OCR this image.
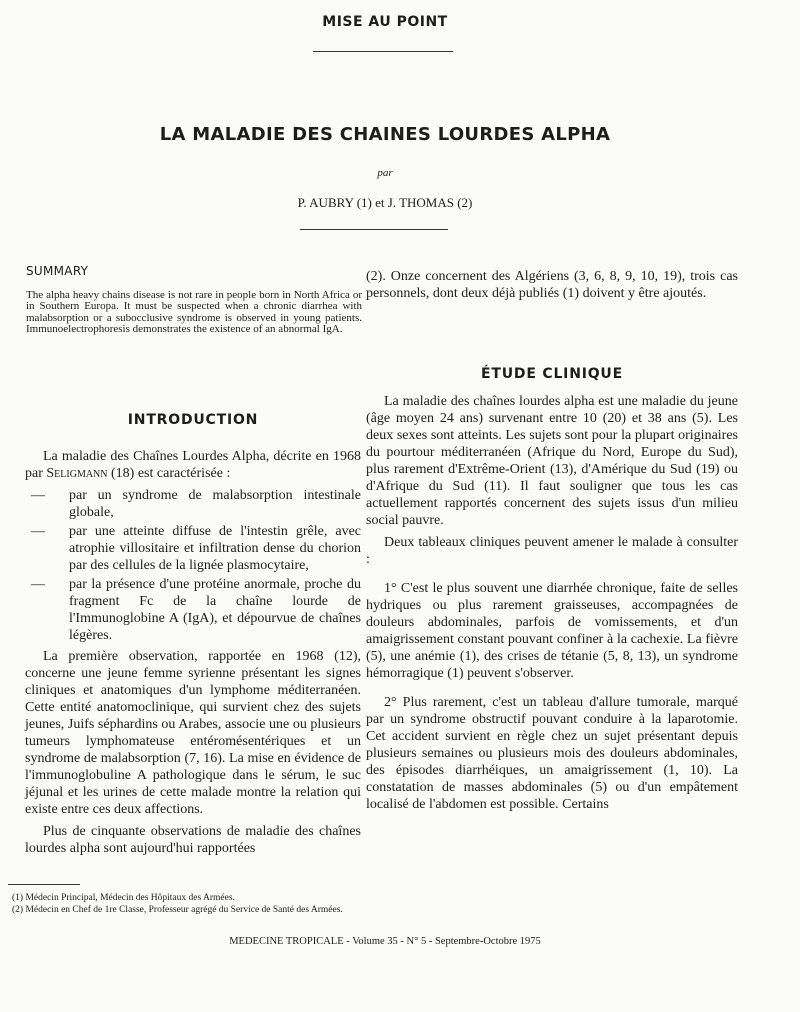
MISE AU POINT
LA MALADIE DES CHAINES LOURDES ALPHA
par
P. AUBRY (1) et J. THOMAS (2)
SUMMARY
The alpha heavy chains disease is not rare in people born in North Africa or in Southern Europa. It must be suspected when a chronic diarrhea with malabsorption or a subocclusive syndrome is observed in young patients. Immunoelectrophoresis demonstrates the existence of an abnormal IgA.
INTRODUCTION

La maladie des Chaînes Lourdes Alpha, décrite en 1968 par Seligmann (18) est caractérisée :

— par un syndrome de malabsorption intestinale globale,
— par une atteinte diffuse de l'intestin grêle, avec atrophie villositaire et infiltration dense du chorion par des cellules de la lignée plasmocytaire,
— par la présence d'une protéine anormale, proche du fragment Fc de la chaîne lourde de l'Immunoglobine A (IgA), et dépourvue de chaînes légères.

La première observation, rapportée en 1968 (12), concerne une jeune femme syrienne présentant les signes cliniques et anatomiques d'un lymphome méditerranéen. Cette entité anatomoclinique, qui survient chez des sujets jeunes, Juifs séphardins ou Arabes, associe une ou plusieurs tumeurs lymphomateuse entéromésentériques et un syndrome de malabsorption (7, 16). La mise en évidence de l'immunoglobuline A pathologique dans le sérum, le suc jéjunal et les urines de cette malade montre la relation qui existe entre ces deux affections.

Plus de cinquante observations de maladie des chaînes lourdes alpha sont aujourd'hui rapportées

(2). Onze concernent des Algériens (3, 6, 8, 9, 10, 19), trois cas personnels, dont deux déjà publiés (1) doivent y être ajoutés.

ÉTUDE CLINIQUE

La maladie des chaînes lourdes alpha est une maladie du jeune (âge moyen 24 ans) survenant entre 10 (20) et 38 ans (5). Les deux sexes sont atteints. Les sujets sont pour la plupart originaires du pourtour méditerranéen (Afrique du Nord, Europe du Sud), plus rarement d'Extrême-Orient (13), d'Amérique du Sud (19) ou d'Afrique du Sud (11). Il faut souligner que tous les cas actuellement rapportés concernent des sujets issus d'un milieu social pauvre.

Deux tableaux cliniques peuvent amener le malade à consulter :

1° C'est le plus souvent une diarrhée chronique, faite de selles hydriques ou plus rarement graisseuses, accompagnées de douleurs abdominales, parfois de vomissements, et d'un amaigrissement constant pouvant confiner à la cachexie. La fièvre (5), une anémie (1), des crises de tétanie (5, 8, 13), un syndrome hémorragique (1) peuvent s'observer.

2° Plus rarement, c'est un tableau d'allure tumorale, marqué par un syndrome obstructif pouvant conduire à la laparotomie. Cet accident survient en règle chez un sujet présentant depuis plusieurs semaines ou plusieurs mois des douleurs abdominales, des épisodes diarrhéiques, un amaigrissement (1, 10). La constatation de masses abdominales (5) ou d'un empâtement localisé de l'abdomen est possible. Certains

(1) Médecin Principal, Médecin des Hôpitaux des Armées.
(2) Médecin en Chef de 1re Classe, Professeur agrégé du Service de Santé des Armées.
MEDECINE TROPICALE - Volume 35 - N° 5 - Septembre-Octobre 1975
